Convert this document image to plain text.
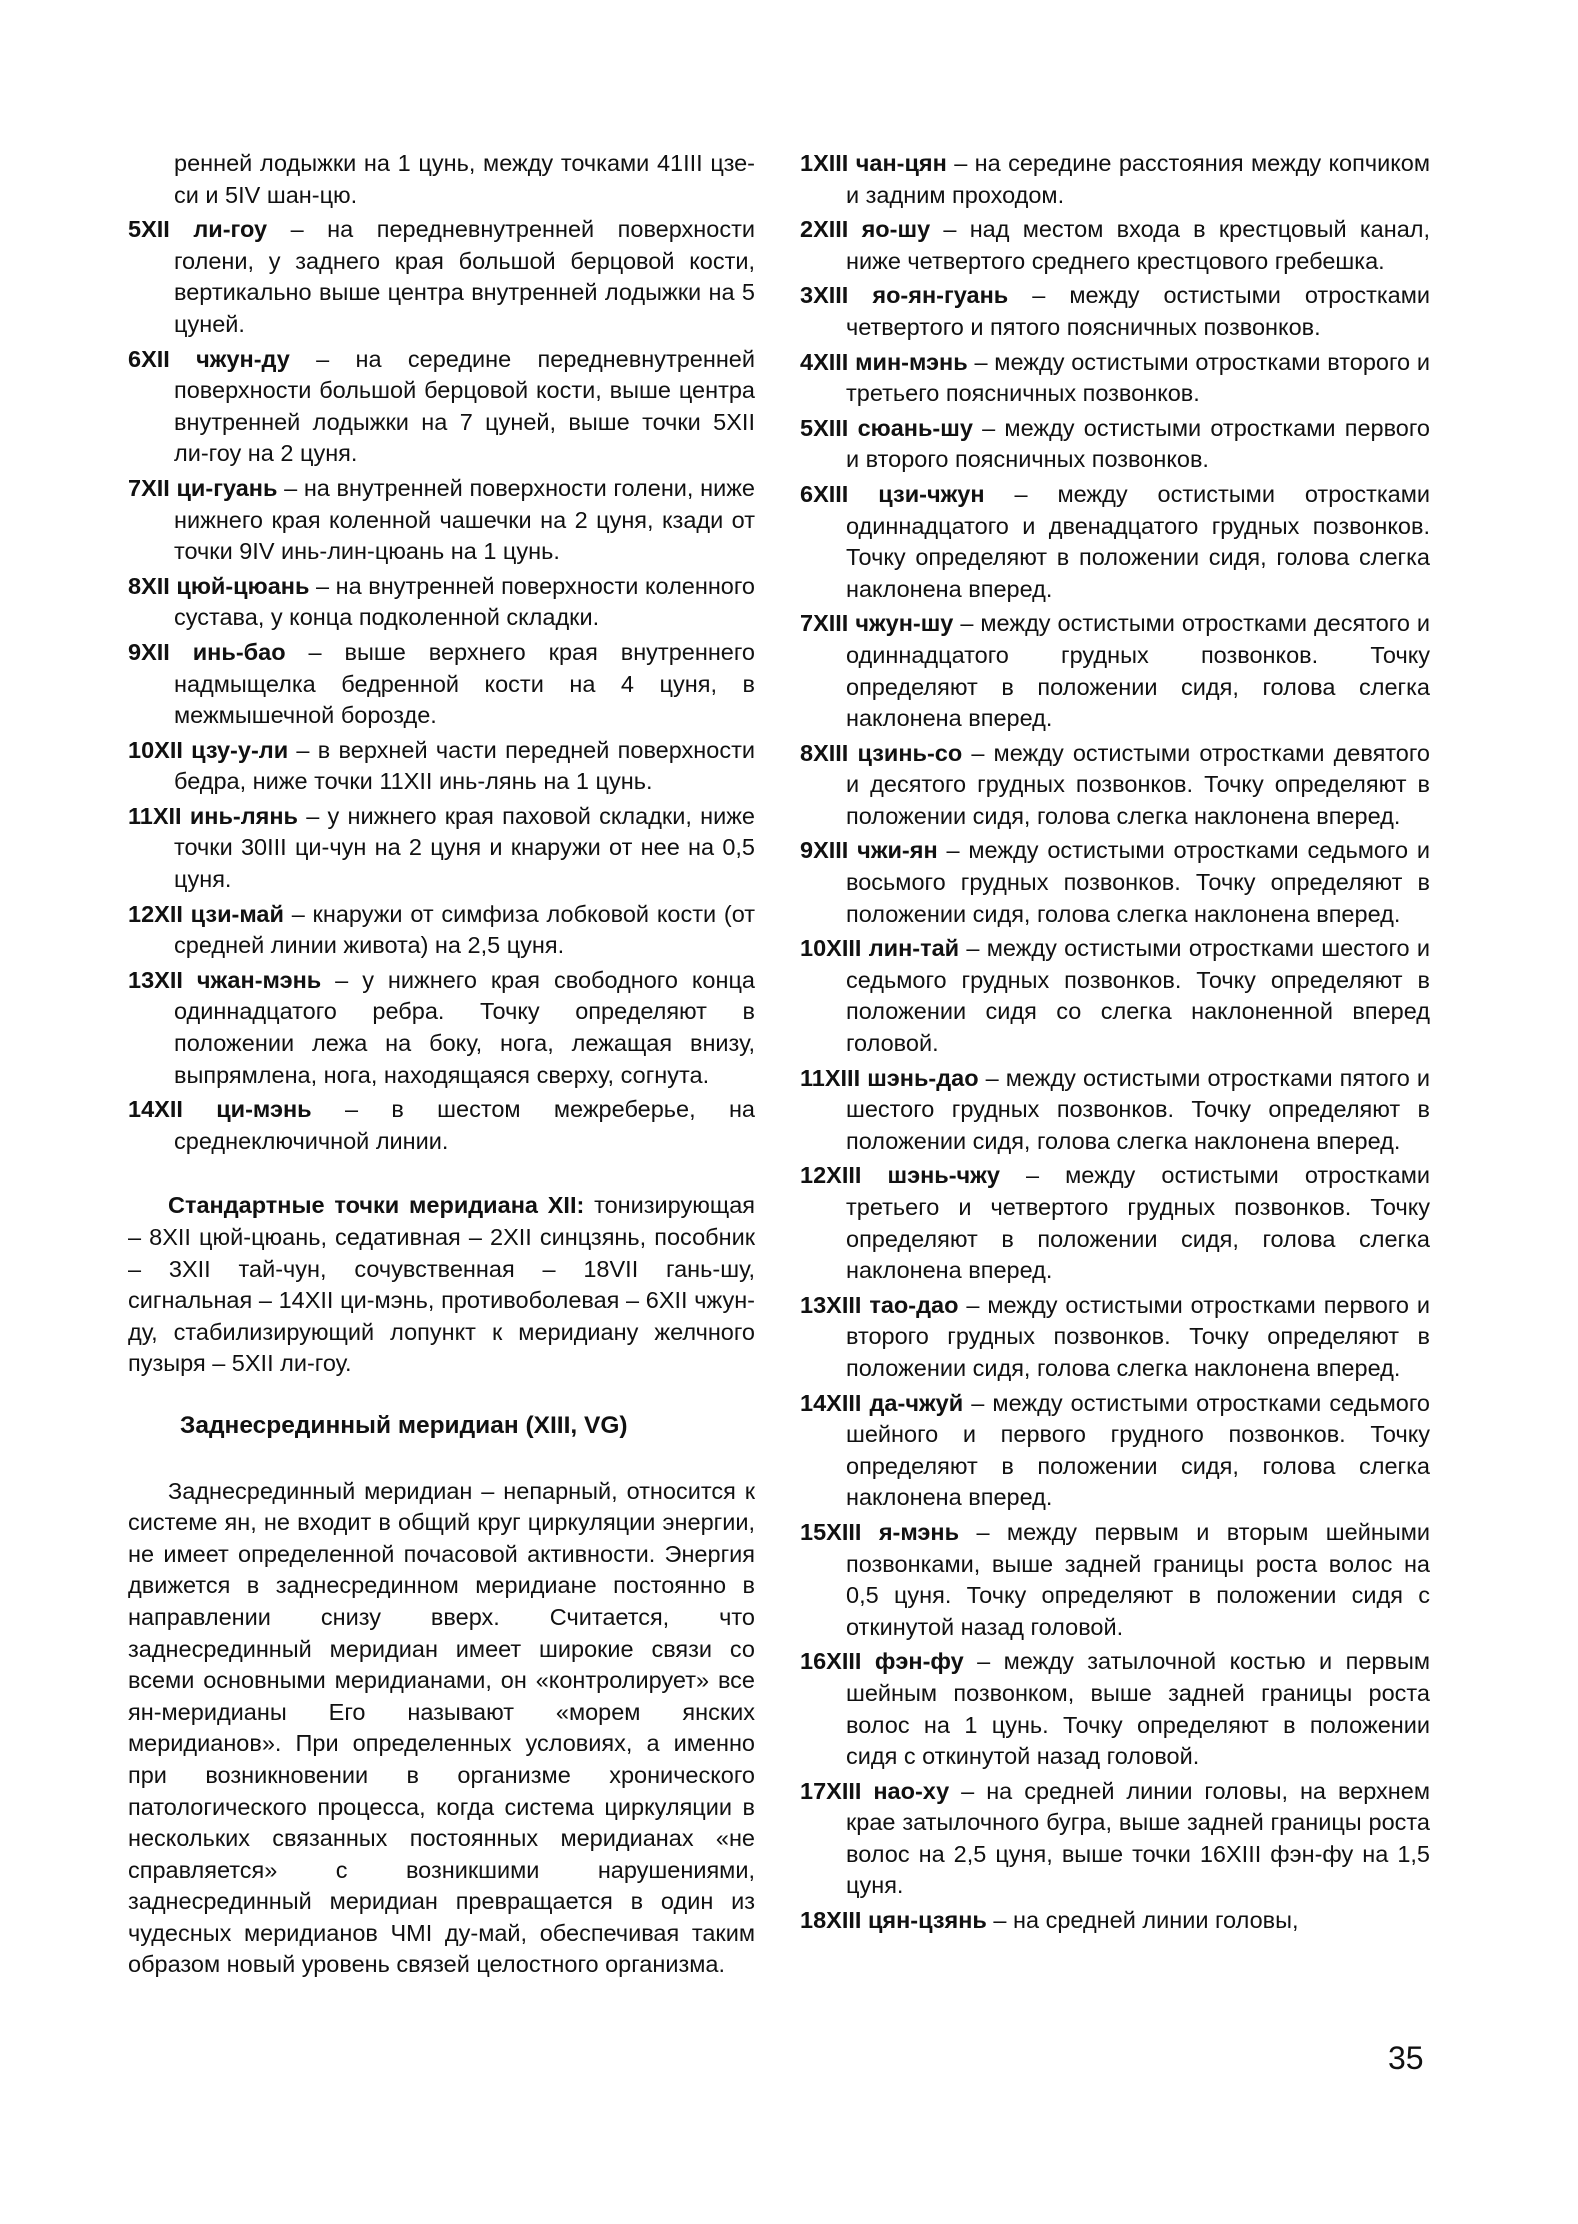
ренней лодыжки на 1 цунь, между точками 41III цзе-си и 5IV шан-цю.

5XII ли-гоу – на передневнутренней поверхности голени, у заднего края большой берцовой кости, вертикально выше центра внутренней лодыжки на 5 цуней.

6XII чжун-ду – на середине передневнутренней поверхности большой берцовой кости, выше центра внутренней лодыжки на 7 цуней, выше точки 5XII ли-гоу на 2 цуня.

7XII ци-гуань – на внутренней поверхности голени, ниже нижнего края коленной чашечки на 2 цуня, кзади от точки 9IV инь-лин-цюань на 1 цунь.

8XII цюй-цюань – на внутренней поверхности коленного сустава, у конца подколенной складки.

9XII инь-бао – выше верхнего края внутреннего надмыщелка бедренной кости на 4 цуня, в межмышечной борозде.

10XII цзу-у-ли – в верхней части передней поверхности бедра, ниже точки 11XII инь-лянь на 1 цунь.

11XII инь-лянь – у нижнего края паховой складки, ниже точки 30III ци-чун на 2 цуня и кнаружи от нее на 0,5 цуня.

12XII цзи-май – кнаружи от симфиза лобковой кости (от средней линии живота) на 2,5 цуня.

13XII чжан-мэнь – у нижнего края свободного конца одиннадцатого ребра. Точку определяют в положении лежа на боку, нога, лежащая внизу, выпрямлена, нога, находящаяся сверху, согнута.

14XII ци-мэнь – в шестом межреберье, на среднеключичной линии.

Стандартные точки меридиана XII: тонизирующая – 8XII цюй-цюань, седативная – 2XII синцзянь, пособник – 3XII тай-чун, сочувственная – 18VII гань-шу, сигнальная – 14XII ци-мэнь, противоболевая – 6XII чжун-ду, стабилизирующий лопункт к меридиану желчного пузыря – 5XII ли-гоу.

Заднесрединный меридиан (XIII, VG)

Заднесрединный меридиан – непарный, относится к системе ян, не входит в общий круг циркуляции энергии, не имеет определенной почасовой активности. Энергия движется в заднесрединном меридиане постоянно в направлении снизу вверх. Считается, что заднесрединный меридиан имеет широкие связи со всеми основными меридианами, он «контролирует» все ян-меридианы Его называют «морем янских меридианов». При определенных условиях, а именно при возникновении в организме хронического патологического процесса, когда система циркуляции в нескольких связанных постоянных меридианах «не справляется» с возникшими нарушениями, заднесрединный меридиан превращается в один из чудесных меридианов ЧМI ду-май, обеспечивая таким образом новый уровень связей целостного организма.

1XIII чан-цян – на середине расстояния между копчиком и задним проходом.

2XIII яо-шу – над местом входа в крестцовый канал, ниже четвертого среднего крестцового гребешка.

3XIII яо-ян-гуань – между остистыми отростками четвертого и пятого поясничных позвонков.

4XIII мин-мэнь – между остистыми отростками второго и третьего поясничных позвонков.

5XIII сюань-шу – между остистыми отростками первого и второго поясничных позвонков.

6XIII цзи-чжун – между остистыми отростками одиннадцатого и двенадцатого грудных позвонков. Точку определяют в положении сидя, голова слегка наклонена вперед.

7XIII чжун-шу – между остистыми отростками десятого и одиннадцатого грудных позвонков. Точку определяют в положении сидя, голова слегка наклонена вперед.

8XIII цзинь-со – между остистыми отростками девятого и десятого грудных позвонков. Точку определяют в положении сидя, голова слегка наклонена вперед.

9XIII чжи-ян – между остистыми отростками седьмого и восьмого грудных позвонков. Точку определяют в положении сидя, голова слегка наклонена вперед.

10XIII лин-тай – между остистыми отростками шестого и седьмого грудных позвонков. Точку определяют в положении сидя со слегка наклоненной вперед головой.

11XIII шэнь-дао – между остистыми отростками пятого и шестого грудных позвонков. Точку определяют в положении сидя, голова слегка наклонена вперед.

12XIII шэнь-чжу – между остистыми отростками третьего и четвертого грудных позвонков. Точку определяют в положении сидя, голова слегка наклонена вперед.

13XIII тао-дао – между остистыми отростками первого и второго грудных позвонков. Точку определяют в положении сидя, голова слегка наклонена вперед.

14XIII да-чжуй – между остистыми отростками седьмого шейного и первого грудного позвонков. Точку определяют в положении сидя, голова слегка наклонена вперед.

15XIII я-мэнь – между первым и вторым шейными позвонками, выше задней границы роста волос на 0,5 цуня. Точку определяют в положении сидя с откинутой назад головой.

16XIII фэн-фу – между затылочной костью и первым шейным позвонком, выше задней границы роста волос на 1 цунь. Точку определяют в положении сидя с откинутой назад головой.

17XIII нао-ху – на средней линии головы, на верхнем крае затылочного бугра, выше задней границы роста волос на 2,5 цуня, выше точки 16XIII фэн-фу на 1,5 цуня.

18XIII цян-цзянь – на средней линии головы,

35
